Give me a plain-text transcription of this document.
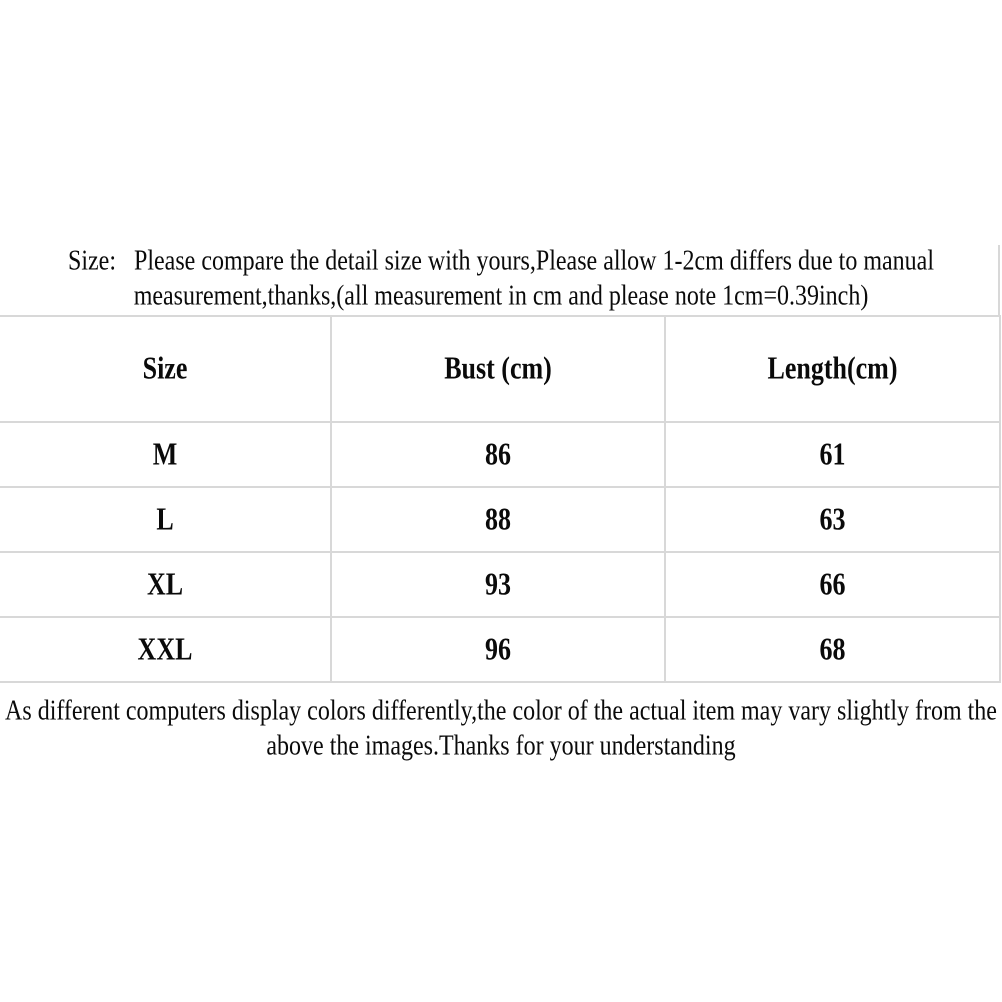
Size:   Please compare the detail size with yours,Please allow 1-2cm differs due to manual
measurement,thanks,(all measurement in cm and please note 1cm=0.39inch)
Size	Bust (cm)	Length(cm)
M	86	61
L	88	63
XL	93	66
XXL	96	68
As different computers display colors differently,the color of the actual item may vary slightly from the
above the images.Thanks for your understanding
